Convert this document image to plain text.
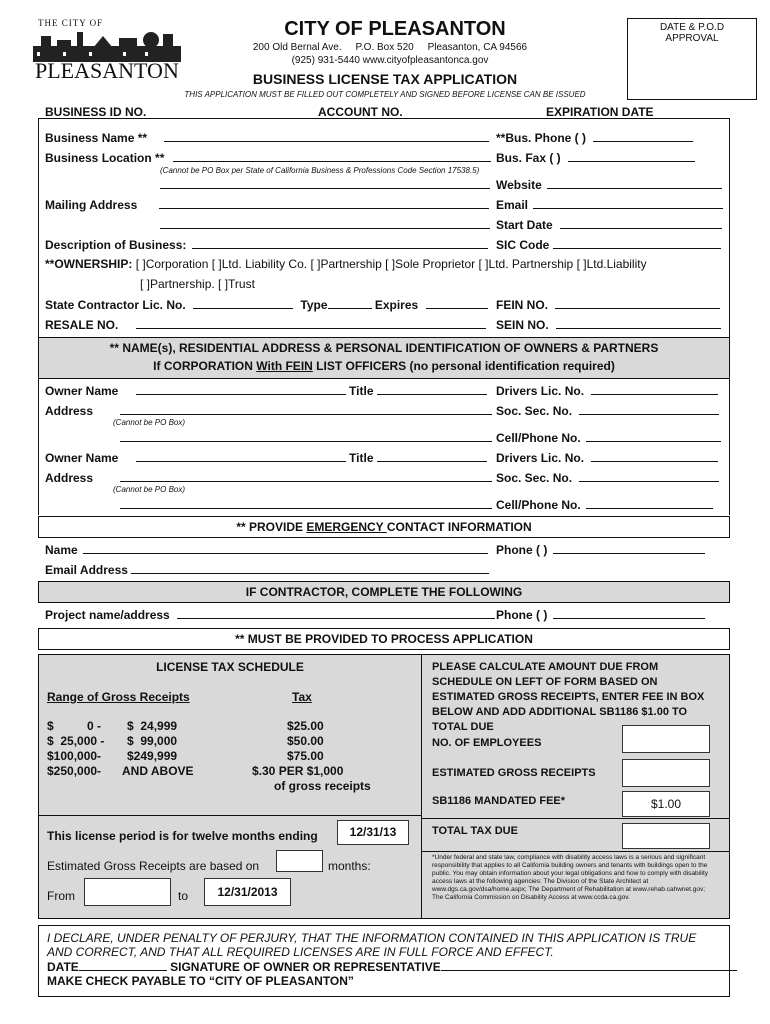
THE CITY OF
PLEASANTON
CITY OF PLEASANTON
200 Old Bernal Ave.     P.O. Box 520     Pleasanton, CA 94566
(925) 931-5440 www.cityofpleasantonca.gov
BUSINESS LICENSE TAX APPLICATION
THIS APPLICATION MUST BE FILLED OUT COMPLETELY AND SIGNED BEFORE LICENSE CAN BE ISSUED
DATE & P.O.D
APPROVAL
BUSINESS ID NO.	ACCOUNT NO.	EXPIRATION DATE
Business Name **	**Bus. Phone ( )
Business Location **	Bus. Fax ( )
(Cannot be PO Box per State of California Business & Professions Code Section 17538.5)
Website
Mailing Address	Email
Start Date
Description of Business:	SIC Code
**OWNERSHIP: [ ]Corporation [ ]Ltd. Liability Co. [ ]Partnership [ ]Sole Proprietor [ ]Ltd. Partnership [ ]Ltd.Liability
[ ]Partnership. [ ]Trust
State Contractor Lic. No.	Type	Expires	FEIN NO.
RESALE NO.	SEIN NO.
** NAME(s), RESIDENTIAL ADDRESS & PERSONAL IDENTIFICATION OF OWNERS & PARTNERS
If CORPORATION With FEIN LIST OFFICERS (no personal identification required)
Owner Name	Title	Drivers Lic. No.
Address	Soc. Sec. No.
(Cannot be PO Box)
Cell/Phone No.
Owner Name	Title	Drivers Lic. No.
Address	Soc. Sec. No.
(Cannot be PO Box)
Cell/Phone No.
** PROVIDE EMERGENCY CONTACT INFORMATION
Name	Phone ( )
Email Address
IF CONTRACTOR, COMPLETE THE FOLLOWING
Project name/address	Phone ( )
** MUST BE PROVIDED TO PROCESS APPLICATION
LICENSE TAX SCHEDULE
Range of Gross Receipts	Tax
$          0 - $  24,999	$25.00
$  25,000 - $  99,000	$50.00
$100,000- $249,999	$75.00
$250,000- AND ABOVE	$.30 PER $1,000
of gross receipts
This license period is for twelve months ending	12/31/13
Estimated Gross Receipts are based on	months:
From	to	12/31/2013
PLEASE CALCULATE AMOUNT DUE FROM SCHEDULE ON LEFT OF FORM BASED ON ESTIMATED GROSS RECEIPTS, ENTER FEE IN BOX BELOW AND ADD ADDITIONAL SB1186 $1.00 TO TOTAL DUE
NO. OF EMPLOYEES
ESTIMATED GROSS RECEIPTS
SB1186 MANDATED FEE*	$1.00
TOTAL TAX DUE
*Under federal and state law, compliance with disability access laws is a serious and significant responsibility that applies to all California building owners and tenants with buildings open to the public. You may obtain information about your legal obligations and how to comply with disability access laws at the following agencies: The Division of the State Architect at www.dgs.ca.gov/dsa/home.aspx; The Department of Rehabilitation at www.rehab.cahwnet.gov; The California Commission on Disability Access at www.ccda.ca.gov.
I DECLARE, UNDER PENALTY OF PERJURY, THAT THE INFORMATION CONTAINED IN THIS APPLICATION IS TRUE AND CORRECT, AND THAT ALL REQUIRED LICENSES ARE IN FULL FORCE AND EFFECT.
DATE	SIGNATURE OF OWNER OR REPRESENTATIVE
MAKE CHECK PAYABLE TO “CITY OF PLEASANTON”
